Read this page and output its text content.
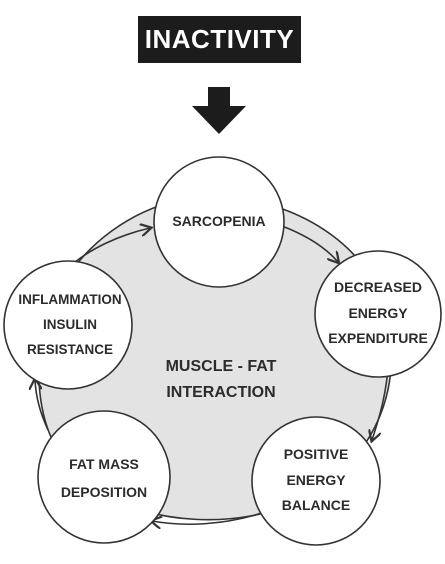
INACTIVITY
SARCOPENIA
DECREASED
ENERGY
EXPENDITURE
POSITIVE
ENERGY
BALANCE
FAT MASS
DEPOSITION
INFLAMMATION
INSULIN
RESISTANCE
MUSCLE - FAT
INTERACTION
